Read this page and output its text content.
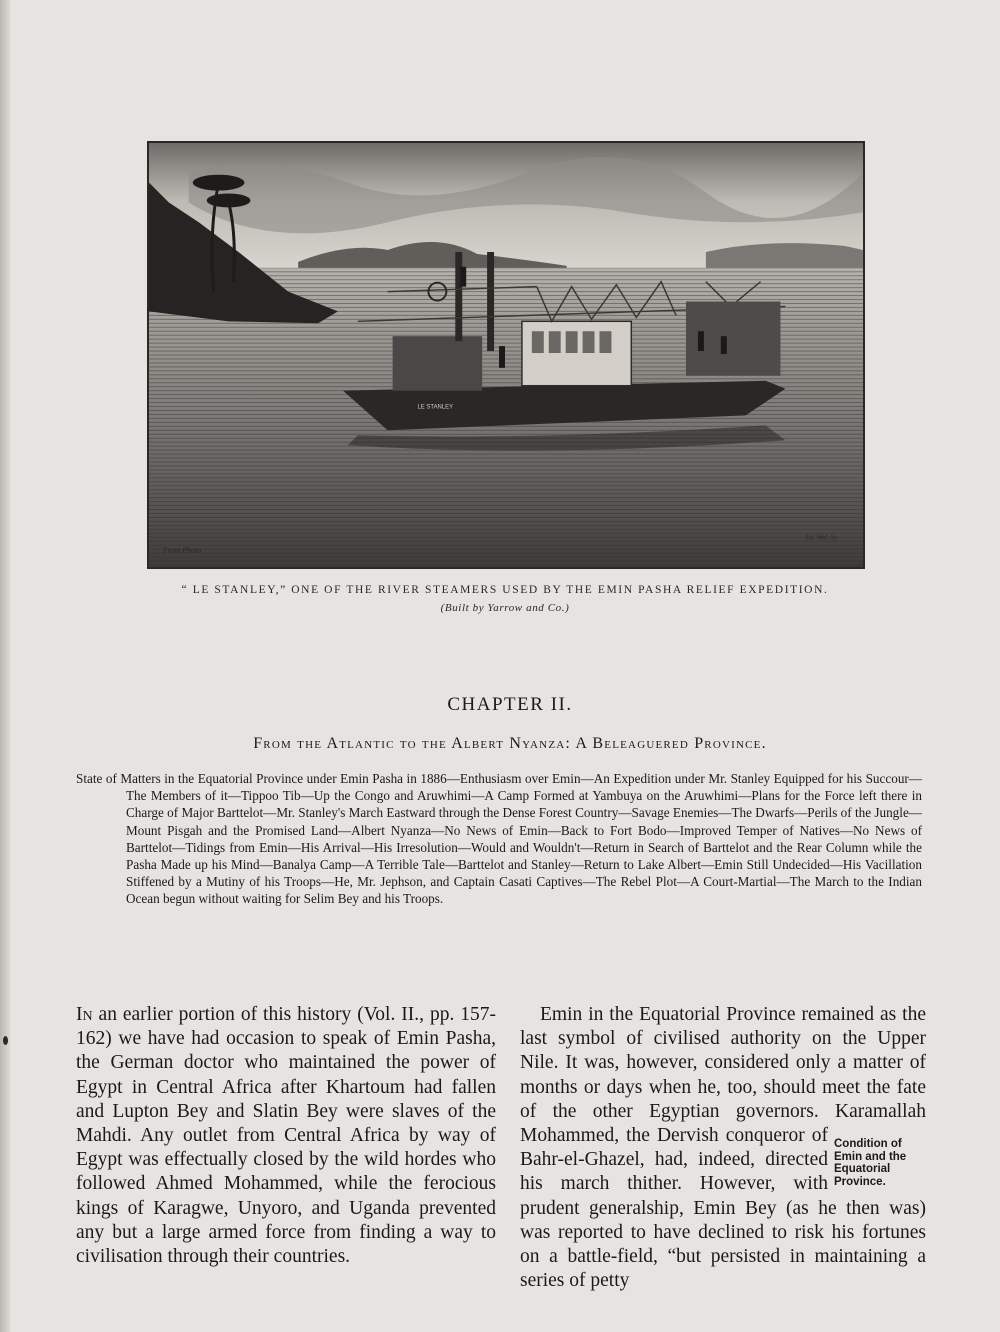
LE STANLEY
From Photo
Ed. Wal. Sc.
“ LE STANLEY,” ONE OF THE RIVER STEAMERS USED BY THE EMIN PASHA RELIEF EXPEDITION.
(Built by Yarrow and Co.)
CHAPTER II.
From the Atlantic to the Albert Nyanza: A Beleaguered Province.
State of Matters in the Equatorial Province under Emin Pasha in 1886—Enthusiasm over Emin—An Expedition under Mr. Stanley Equipped for his Succour—The Members of it—Tippoo Tib—Up the Congo and Aruwhimi—A Camp Formed at Yambuya on the Aruwhimi—Plans for the Force left there in Charge of Major Barttelot—Mr. Stanley's March Eastward through the Dense Forest Country—Savage Enemies—The Dwarfs—Perils of the Jungle—Mount Pisgah and the Promised Land—Albert Nyanza—No News of Emin—Back to Fort Bodo—Improved Temper of Natives—No News of Barttelot—Tidings from Emin—His Arrival—His Irresolution—Would and Wouldn't—Return in Search of Barttelot and the Rear Column while the Pasha Made up his Mind—Banalya Camp—A Terrible Tale—Barttelot and Stanley—Return to Lake Albert—Emin Still Undecided—His Vacillation Stiffened by a Mutiny of his Troops—He, Mr. Jephson, and Captain Casati Captives—The Rebel Plot—A Court-Martial—The March to the Indian Ocean begun without waiting for Selim Bey and his Troops.

In an earlier portion of this history (Vol. II., pp. 157-162) we have had occasion to speak of Emin Pasha, the German doctor who maintained the power of Egypt in Central Africa after Khartoum had fallen and Lupton Bey and Slatin Bey were slaves of the Mahdi. Any outlet from Central Africa by way of Egypt was effectually closed by the wild hordes who followed Ahmed Mohammed, while the ferocious kings of Karagwe, Unyoro, and Uganda prevented any but a large armed force from finding a way to civilisation through their countries.

Emin in the Equatorial Province remained as the last symbol of civilised authority on the Upper Nile. It was, however, considered only a matter of months or days when he, too, should meet the fate of the other Egyptian governors. Karamallah
Condition of Emin and the Equatorial Province.
Mohammed, the Dervish conqueror of Bahr-el-Ghazel, had, indeed, directed his march thither. However, with prudent generalship, Emin Bey (as he then was) was reported to have declined to risk his fortunes on a battle-field, “but persisted in maintaining a series of petty
